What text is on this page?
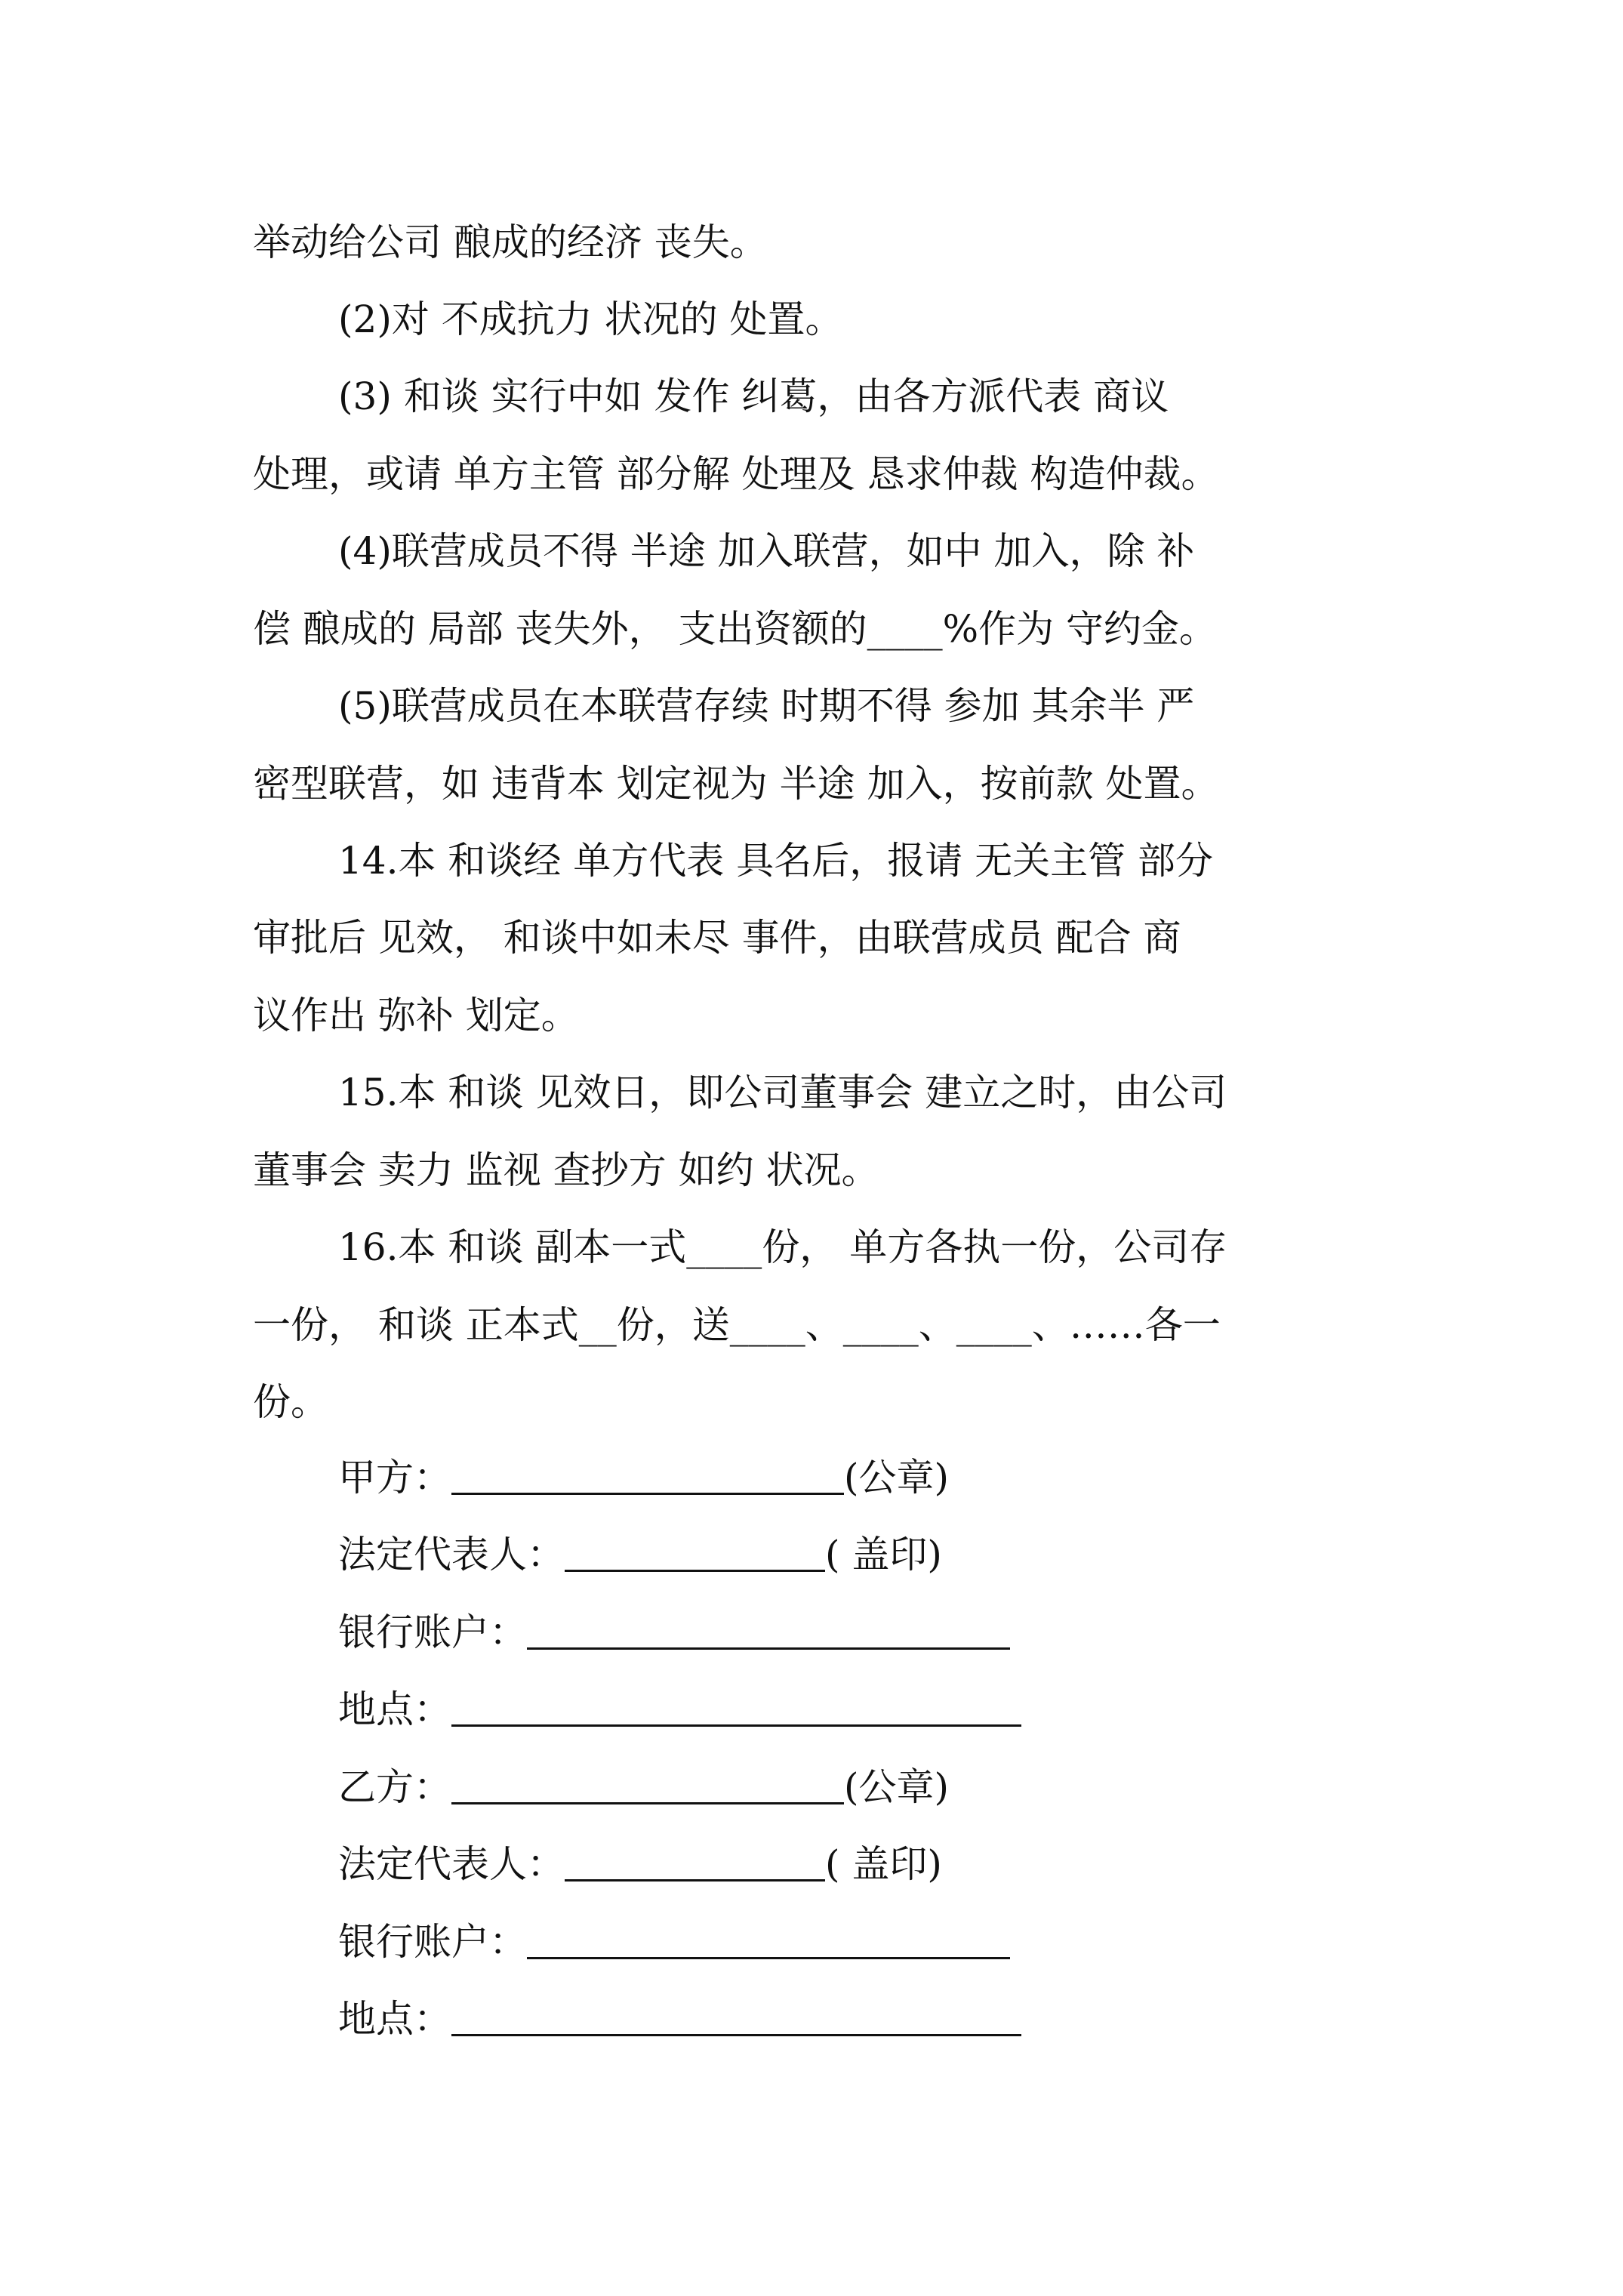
举动给公司 酿成的经济 丧失。

(2)对 不成抗力 状况的 处置。

(3) 和谈 实行中如 发作 纠葛，由各方派代表 商议

处理，或请 单方主管 部分解 处理及 恳求仲裁 构造仲裁。

(4)联营成员不得 半途 加入联营，如中 加入，除 补

偿 酿成的 局部 丧失外， 支出资额的____%作为 守约金。

(5)联营成员在本联营存续 时期不得 参加 其余半 严

密型联营，如 违背本 划定视为 半途 加入，按前款 处置。

14.本 和谈经 单方代表 具名后，报请 无关主管 部分

审批后 见效， 和谈中如未尽 事件，由联营成员 配合 商

议作出 弥补 划定。

15.本 和谈 见效日，即公司董事会 建立之时，由公司

董事会 卖力 监视 查抄方 如约 状况。

16.本 和谈 副本一式____份， 单方各执一份，公司存

一份， 和谈 正本式__份，送____、____、____、……各一

份。

甲方：	(公章)
法定代表人：	( 盖印)
银行账户：
地点：
乙方：	(公章)
法定代表人：	( 盖印)
银行账户：
地点：
